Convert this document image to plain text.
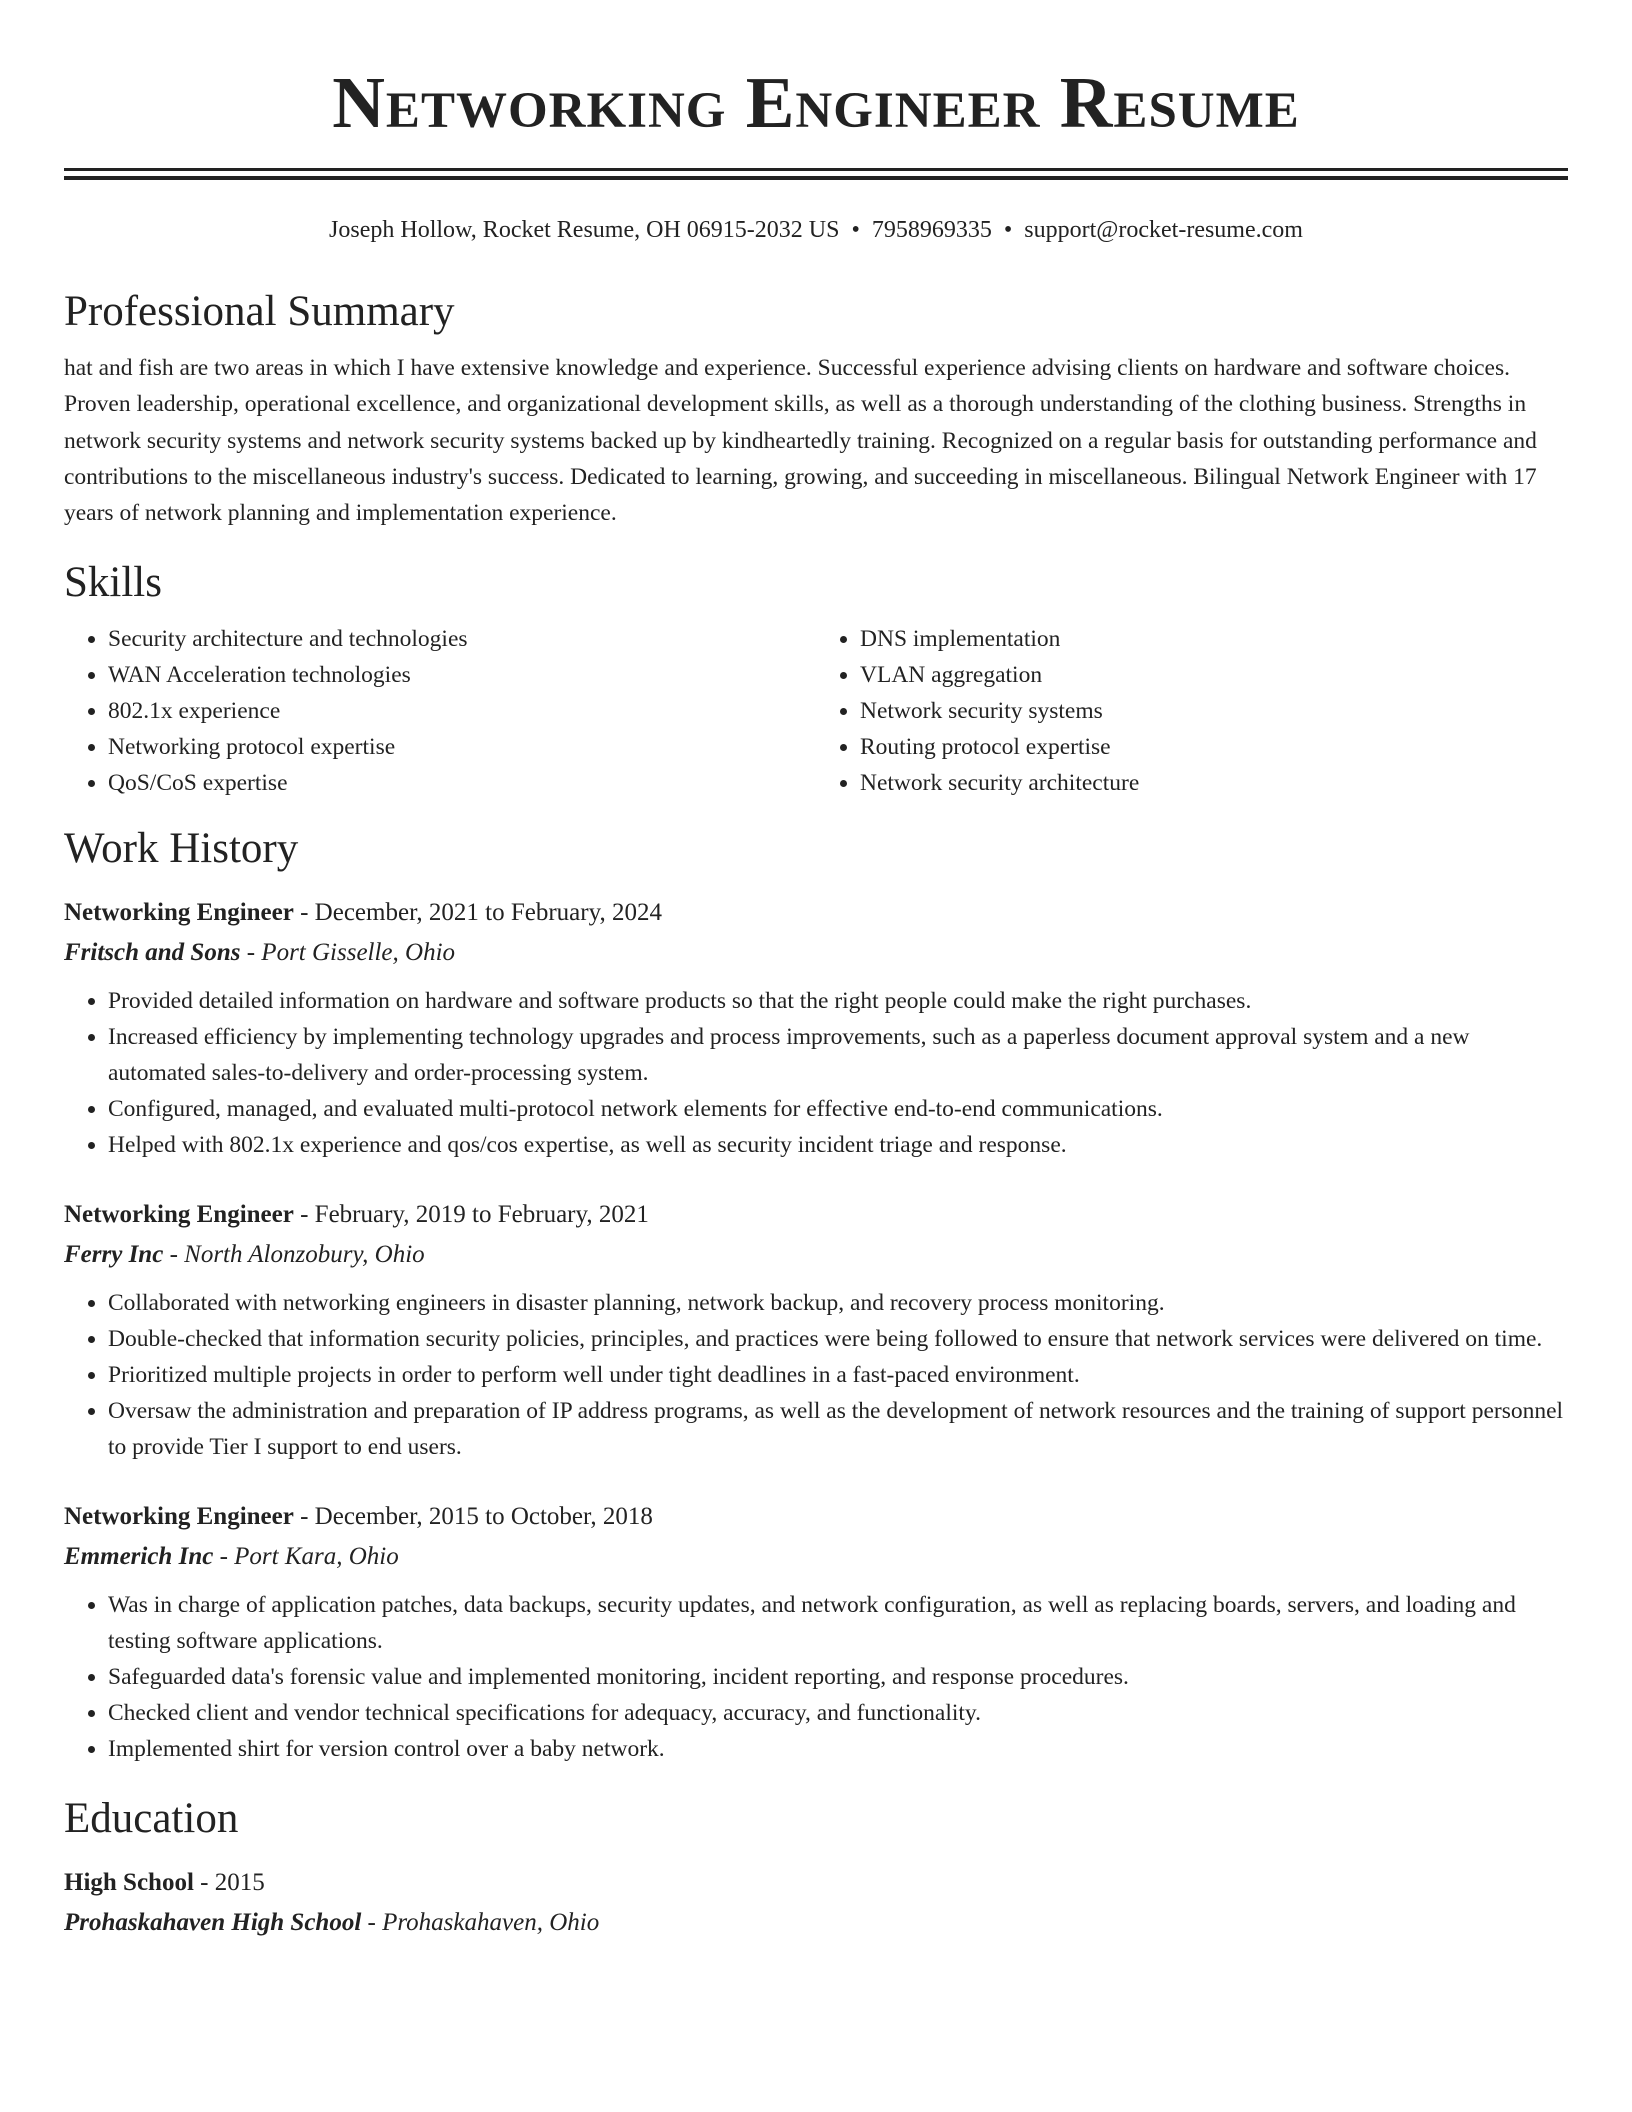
Networking Engineer Resume
Joseph Hollow, Rocket Resume, OH 06915-2032 US • 7958969335 • support@rocket-resume.com
Professional Summary
hat and fish are two areas in which I have extensive knowledge and experience. Successful experience advising clients on hardware and software choices. Proven leadership, operational excellence, and organizational development skills, as well as a thorough understanding of the clothing business. Strengths in network security systems and network security systems backed up by kindheartedly training. Recognized on a regular basis for outstanding performance and contributions to the miscellaneous industry's success. Dedicated to learning, growing, and succeeding in miscellaneous. Bilingual Network Engineer with 17 years of network planning and implementation experience.
Skills
• Security architecture and technologies
• WAN Acceleration technologies
• 802.1x experience
• Networking protocol expertise
• QoS/CoS expertise
• DNS implementation
• VLAN aggregation
• Network security systems
• Routing protocol expertise
• Network security architecture
Work History
Networking Engineer - December, 2021 to February, 2024
Fritsch and Sons - Port Gisselle, Ohio
• Provided detailed information on hardware and software products so that the right people could make the right purchases.
• Increased efficiency by implementing technology upgrades and process improvements, such as a paperless document approval system and a new automated sales-to-delivery and order-processing system.
• Configured, managed, and evaluated multi-protocol network elements for effective end-to-end communications.
• Helped with 802.1x experience and qos/cos expertise, as well as security incident triage and response.
Networking Engineer - February, 2019 to February, 2021
Ferry Inc - North Alonzobury, Ohio
• Collaborated with networking engineers in disaster planning, network backup, and recovery process monitoring.
• Double-checked that information security policies, principles, and practices were being followed to ensure that network services were delivered on time.
• Prioritized multiple projects in order to perform well under tight deadlines in a fast-paced environment.
• Oversaw the administration and preparation of IP address programs, as well as the development of network resources and the training of support personnel to provide Tier I support to end users.
Networking Engineer - December, 2015 to October, 2018
Emmerich Inc - Port Kara, Ohio
• Was in charge of application patches, data backups, security updates, and network configuration, as well as replacing boards, servers, and loading and testing software applications.
• Safeguarded data's forensic value and implemented monitoring, incident reporting, and response procedures.
• Checked client and vendor technical specifications for adequacy, accuracy, and functionality.
• Implemented shirt for version control over a baby network.
Education
High School - 2015
Prohaskahaven High School - Prohaskahaven, Ohio
